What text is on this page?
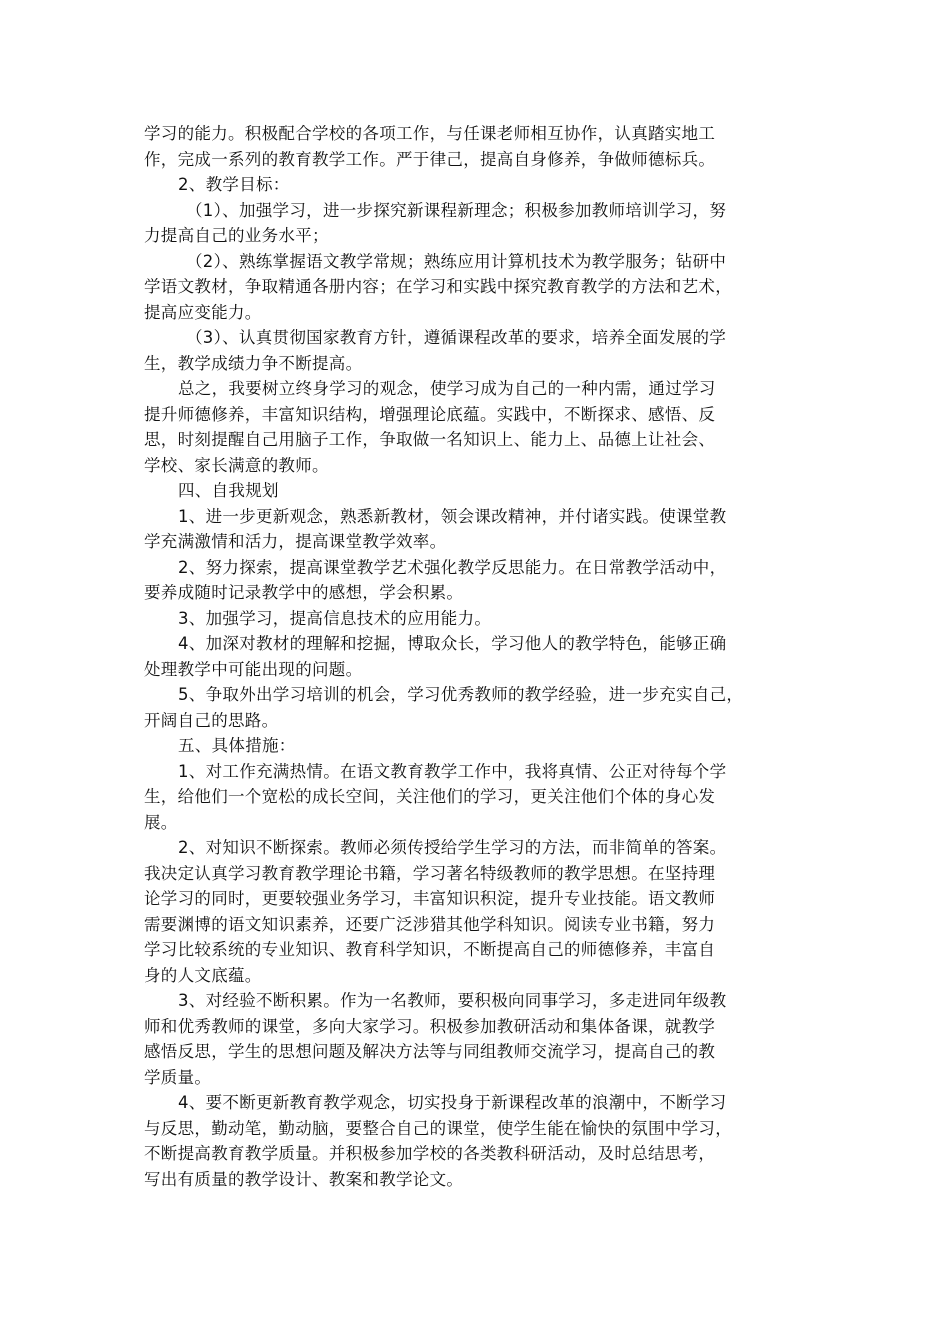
学习的能力。积极配合学校的各项工作，与任课老师相互协作，认真踏实地工
作，完成一系列的教育教学工作。严于律己，提高自身修养，争做师德标兵。
2、教学目标：
（1）、加强学习，进一步探究新课程新理念；积极参加教师培训学习，努
力提高自己的业务水平；
（2）、熟练掌握语文教学常规；熟练应用计算机技术为教学服务；钻研中
学语文教材，争取精通各册内容；在学习和实践中探究教育教学的方法和艺术，
提高应变能力。
（3）、认真贯彻国家教育方针，遵循课程改革的要求，培养全面发展的学
生，教学成绩力争不断提高。
总之，我要树立终身学习的观念，使学习成为自己的一种内需，通过学习
提升师德修养，丰富知识结构，增强理论底蕴。实践中，不断探求、感悟、反
思，时刻提醒自己用脑子工作，争取做一名知识上、能力上、品德上让社会、
学校、家长满意的教师。
四、自我规划
1、进一步更新观念，熟悉新教材，领会课改精神，并付诸实践。使课堂教
学充满激情和活力，提高课堂教学效率。
2、努力探索，提高课堂教学艺术强化教学反思能力。在日常教学活动中，
要养成随时记录教学中的感想，学会积累。
3、加强学习，提高信息技术的应用能力。
4、加深对教材的理解和挖掘，博取众长，学习他人的教学特色，能够正确
处理教学中可能出现的问题。
5、争取外出学习培训的机会，学习优秀教师的教学经验，进一步充实自己，
开阔自己的思路。
五、具体措施：
1、对工作充满热情。在语文教育教学工作中，我将真情、公正对待每个学
生，给他们一个宽松的成长空间，关注他们的学习，更关注他们个体的身心发
展。
2、对知识不断探索。教师必须传授给学生学习的方法，而非简单的答案。
我决定认真学习教育教学理论书籍，学习著名特级教师的教学思想。在坚持理
论学习的同时，更要较强业务学习，丰富知识积淀，提升专业技能。语文教师
需要渊博的语文知识素养，还要广泛涉猎其他学科知识。阅读专业书籍，努力
学习比较系统的专业知识、教育科学知识，不断提高自己的师德修养，丰富自
身的人文底蕴。
3、对经验不断积累。作为一名教师，要积极向同事学习，多走进同年级教
师和优秀教师的课堂，多向大家学习。积极参加教研活动和集体备课，就教学
感悟反思，学生的思想问题及解决方法等与同组教师交流学习，提高自己的教
学质量。
4、要不断更新教育教学观念，切实投身于新课程改革的浪潮中，不断学习
与反思，勤动笔，勤动脑，要整合自己的课堂，使学生能在愉快的氛围中学习，
不断提高教育教学质量。并积极参加学校的各类教科研活动，及时总结思考，
写出有质量的教学设计、教案和教学论文。
